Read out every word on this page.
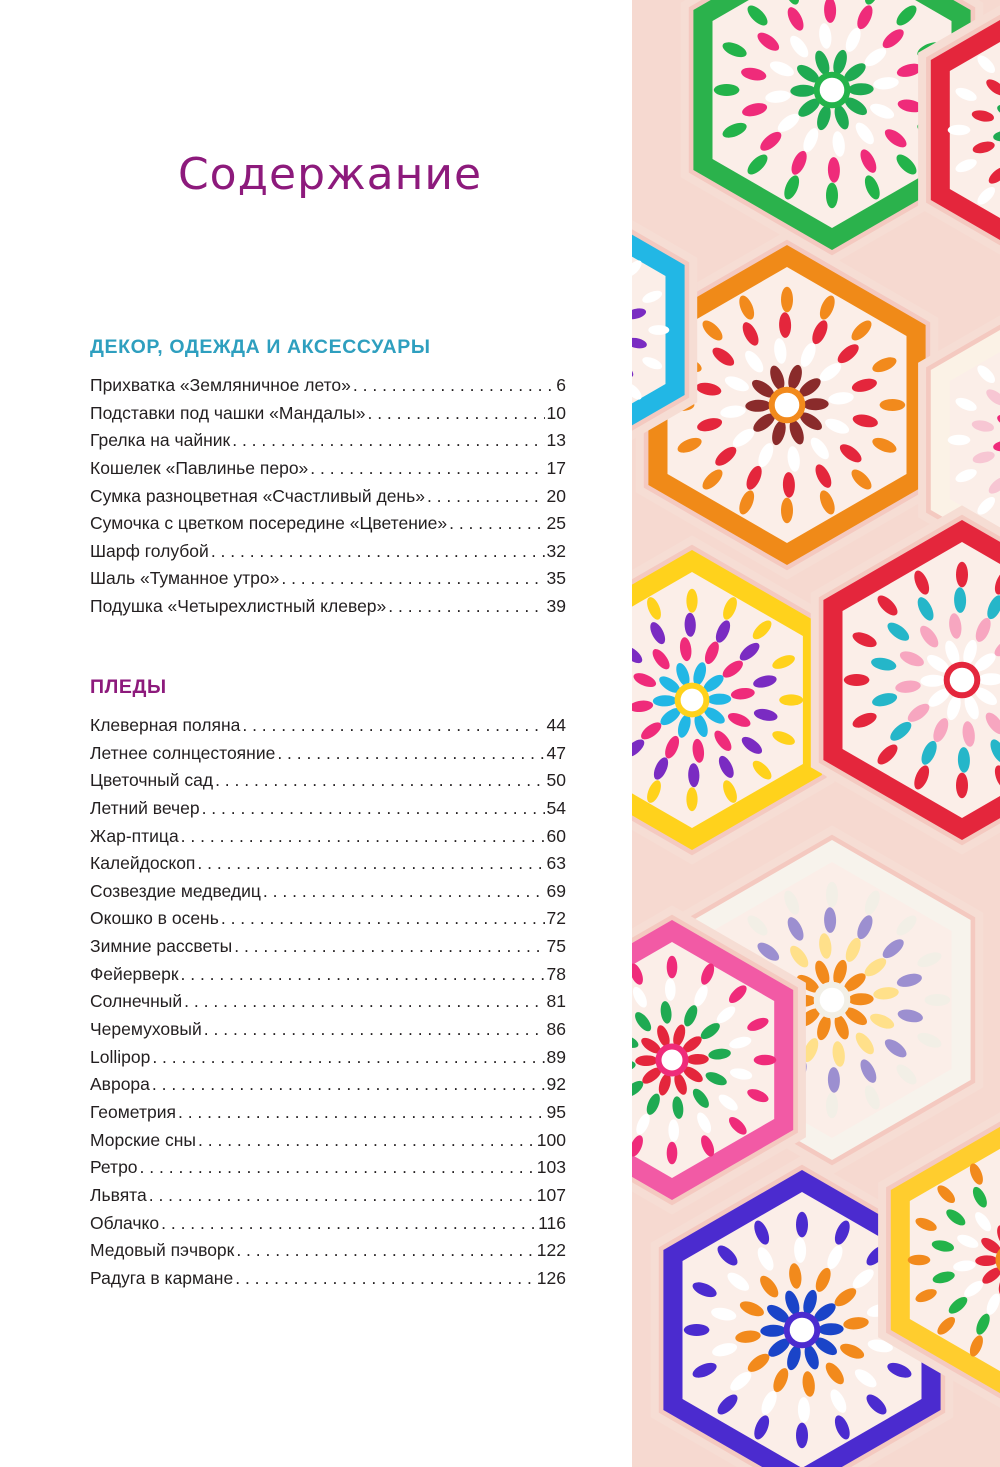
Содержание
ДЕКОР, ОДЕЖДА И АКСЕССУАРЫ
Прихватка «Земляничное лето» . . .	6
Подставки под чашки «Мандалы» . . .	10
Грелка на чайник . . .	13
Кошелек «Павлинье перо» . . .	17
Сумка разноцветная «Счастливый день» . . .	20
Сумочка с цветком посередине «Цветение» . . .	25
Шарф голубой . . .	32
Шаль «Туманное утро» . . .	35
Подушка «Четырехлистный клевер» . . .	39
ПЛЕДЫ
Клеверная поляна . . .	44
Летнее солнцестояние . . .	47
Цветочный сад . . .	50
Летний вечер . . .	54
Жар-птица . . .	60
Калейдоскоп . . .	63
Созвездие медведиц . . .	69
Окошко в осень . . .	72
Зимние рассветы . . .	75
Фейерверк . . .	78
Солнечный . . .	81
Черемуховый . . .	86
Lollipop . . .	89
Аврора . . .	92
Геометрия . . .	95
Морские сны . . .	100
Ретро . . .	103
Львята . . .	107
Облачко . . .	116
Медовый пэчворк . . .	122
Радуга в кармане . . .	126
